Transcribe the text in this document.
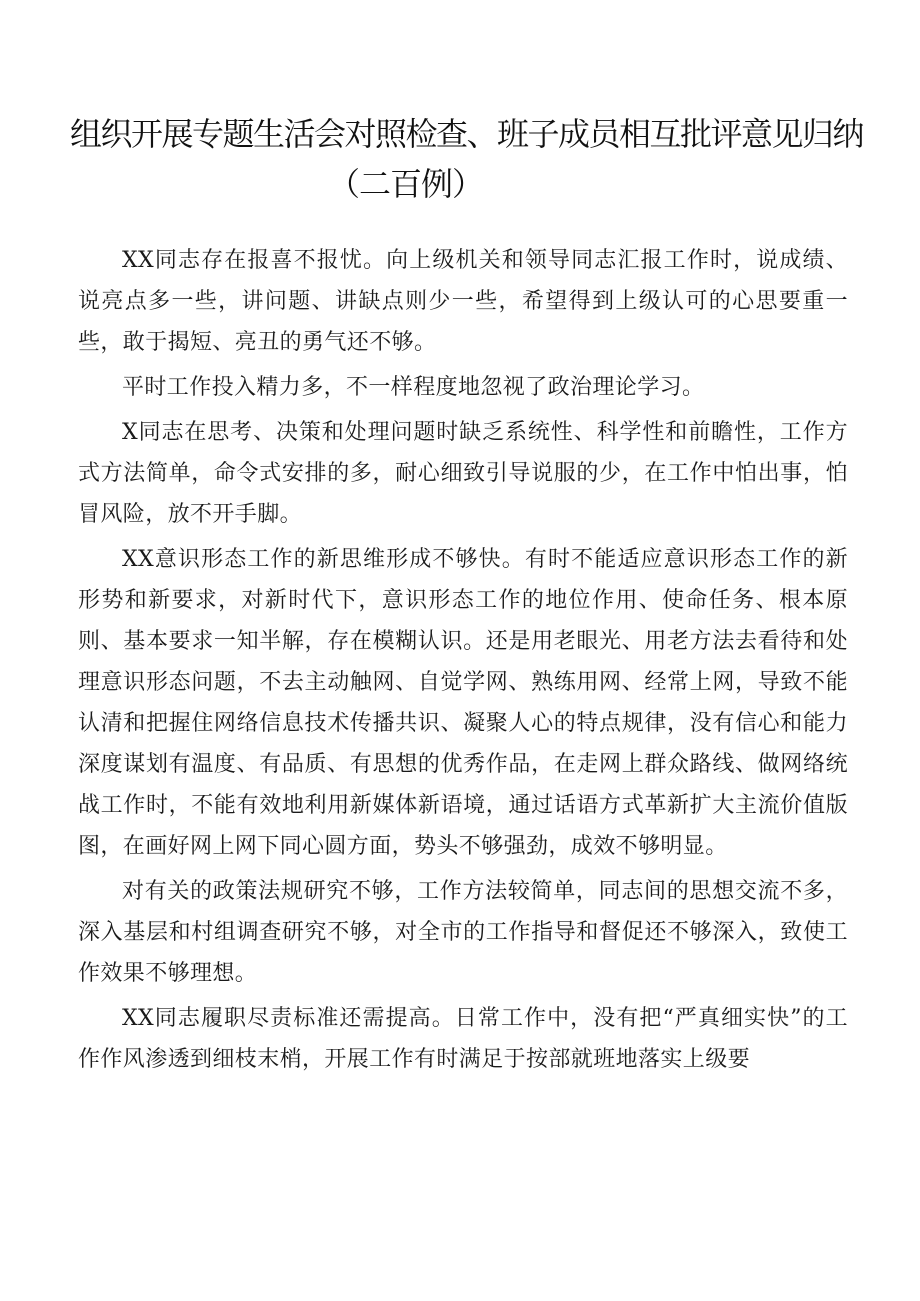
组织开展专题生活会对照检查、班子成员相互批评意见归纳
（二百例）

XX同志存在报喜不报忧。向上级机关和领导同志汇报工作时，说成绩、说亮点多一些，讲问题、讲缺点则少一些，希望得到上级认可的心思要重一些，敢于揭短、亮丑的勇气还不够。

平时工作投入精力多，不一样程度地忽视了政治理论学习。

X同志在思考、决策和处理问题时缺乏系统性、科学性和前瞻性，工作方式方法简单，命令式安排的多，耐心细致引导说服的少，在工作中怕出事，怕冒风险，放不开手脚。

XX意识形态工作的新思维形成不够快。有时不能适应意识形态工作的新形势和新要求，对新时代下，意识形态工作的地位作用、使命任务、根本原则、基本要求一知半解，存在模糊认识。还是用老眼光、用老方法去看待和处理意识形态问题，不去主动触网、自觉学网、熟练用网、经常上网，导致不能认清和把握住网络信息技术传播共识、凝聚人心的特点规律，没有信心和能力深度谋划有温度、有品质、有思想的优秀作品，在走网上群众路线、做网络统战工作时，不能有效地利用新媒体新语境，通过话语方式革新扩大主流价值版图，在画好网上网下同心圆方面，势头不够强劲，成效不够明显。

对有关的政策法规研究不够，工作方法较简单，同志间的思想交流不多，深入基层和村组调查研究不够，对全市的工作指导和督促还不够深入，致使工作效果不够理想。

XX同志履职尽责标准还需提高。日常工作中，没有把“严真细实快”的工作作风渗透到细枝末梢，开展工作有时满足于按部就班地落实上级要
